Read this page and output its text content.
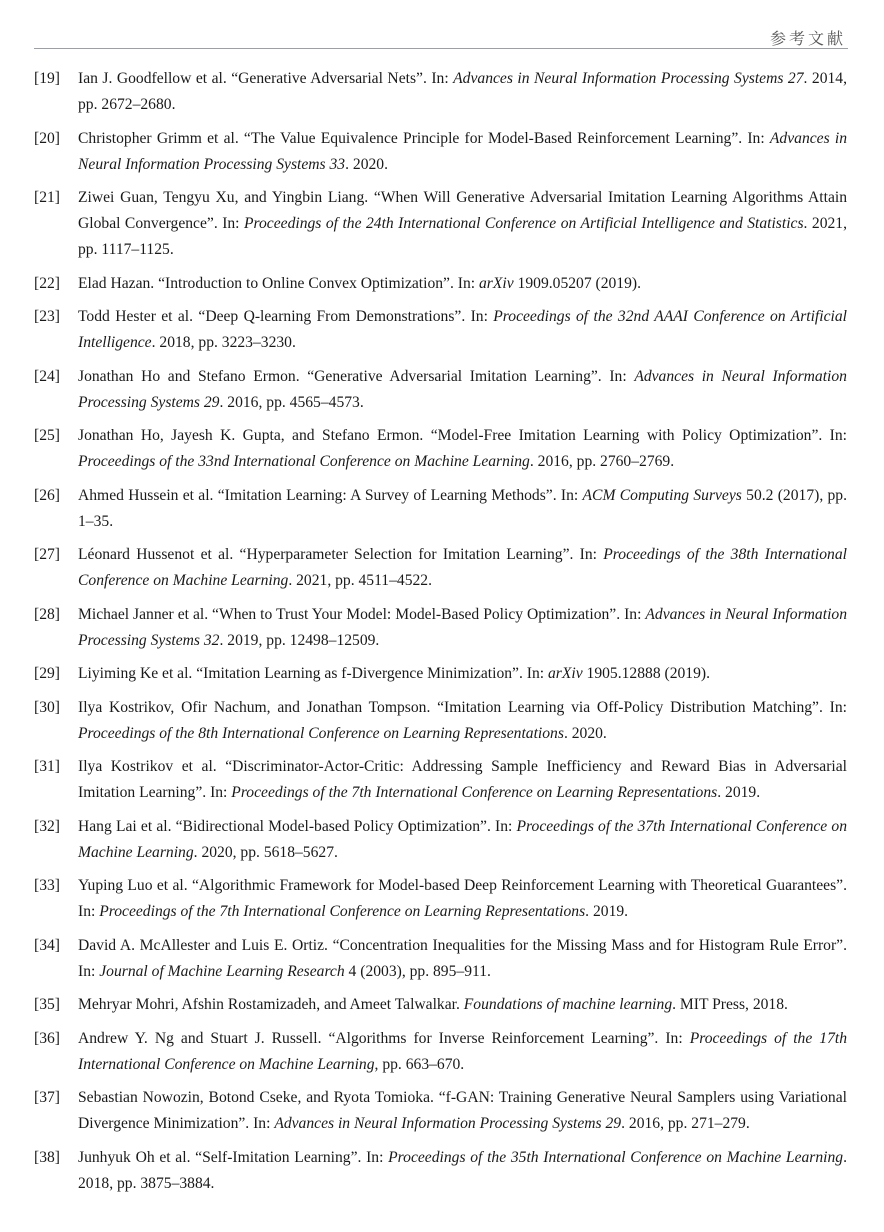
参考文献
[19] Ian J. Goodfellow et al. “Generative Adversarial Nets”. In: Advances in Neural Information Processing Systems 27. 2014, pp. 2672–2680.
[20] Christopher Grimm et al. “The Value Equivalence Principle for Model-Based Reinforcement Learning”. In: Advances in Neural Information Processing Systems 33. 2020.
[21] Ziwei Guan, Tengyu Xu, and Yingbin Liang. “When Will Generative Adversarial Imitation Learning Algorithms Attain Global Convergence”. In: Proceedings of the 24th International Conference on Artificial Intelligence and Statistics. 2021, pp. 1117–1125.
[22] Elad Hazan. “Introduction to Online Convex Optimization”. In: arXiv 1909.05207 (2019).
[23] Todd Hester et al. “Deep Q-learning From Demonstrations”. In: Proceedings of the 32nd AAAI Conference on Artificial Intelligence. 2018, pp. 3223–3230.
[24] Jonathan Ho and Stefano Ermon. “Generative Adversarial Imitation Learning”. In: Advances in Neural Information Processing Systems 29. 2016, pp. 4565–4573.
[25] Jonathan Ho, Jayesh K. Gupta, and Stefano Ermon. “Model-Free Imitation Learning with Policy Optimization”. In: Proceedings of the 33nd International Conference on Machine Learning. 2016, pp. 2760–2769.
[26] Ahmed Hussein et al. “Imitation Learning: A Survey of Learning Methods”. In: ACM Computing Surveys 50.2 (2017), pp. 1–35.
[27] Léonard Hussenot et al. “Hyperparameter Selection for Imitation Learning”. In: Proceedings of the 38th International Conference on Machine Learning. 2021, pp. 4511–4522.
[28] Michael Janner et al. “When to Trust Your Model: Model-Based Policy Optimization”. In: Advances in Neural Information Processing Systems 32. 2019, pp. 12498–12509.
[29] Liyiming Ke et al. “Imitation Learning as f-Divergence Minimization”. In: arXiv 1905.12888 (2019).
[30] Ilya Kostrikov, Ofir Nachum, and Jonathan Tompson. “Imitation Learning via Off-Policy Distribution Matching”. In: Proceedings of the 8th International Conference on Learning Representations. 2020.
[31] Ilya Kostrikov et al. “Discriminator-Actor-Critic: Addressing Sample Inefficiency and Reward Bias in Adversarial Imitation Learning”. In: Proceedings of the 7th International Conference on Learning Representations. 2019.
[32] Hang Lai et al. “Bidirectional Model-based Policy Optimization”. In: Proceedings of the 37th International Conference on Machine Learning. 2020, pp. 5618–5627.
[33] Yuping Luo et al. “Algorithmic Framework for Model-based Deep Reinforcement Learning with Theoretical Guarantees”. In: Proceedings of the 7th International Conference on Learning Representations. 2019.
[34] David A. McAllester and Luis E. Ortiz. “Concentration Inequalities for the Missing Mass and for Histogram Rule Error”. In: Journal of Machine Learning Research 4 (2003), pp. 895–911.
[35] Mehryar Mohri, Afshin Rostamizadeh, and Ameet Talwalkar. Foundations of machine learning. MIT Press, 2018.
[36] Andrew Y. Ng and Stuart J. Russell. “Algorithms for Inverse Reinforcement Learning”. In: Proceedings of the 17th International Conference on Machine Learning, pp. 663–670.
[37] Sebastian Nowozin, Botond Cseke, and Ryota Tomioka. “f-GAN: Training Generative Neural Samplers using Variational Divergence Minimization”. In: Advances in Neural Information Processing Systems 29. 2016, pp. 271–279.
[38] Junhyuk Oh et al. “Self-Imitation Learning”. In: Proceedings of the 35th International Conference on Machine Learning. 2018, pp. 3875–3884.
